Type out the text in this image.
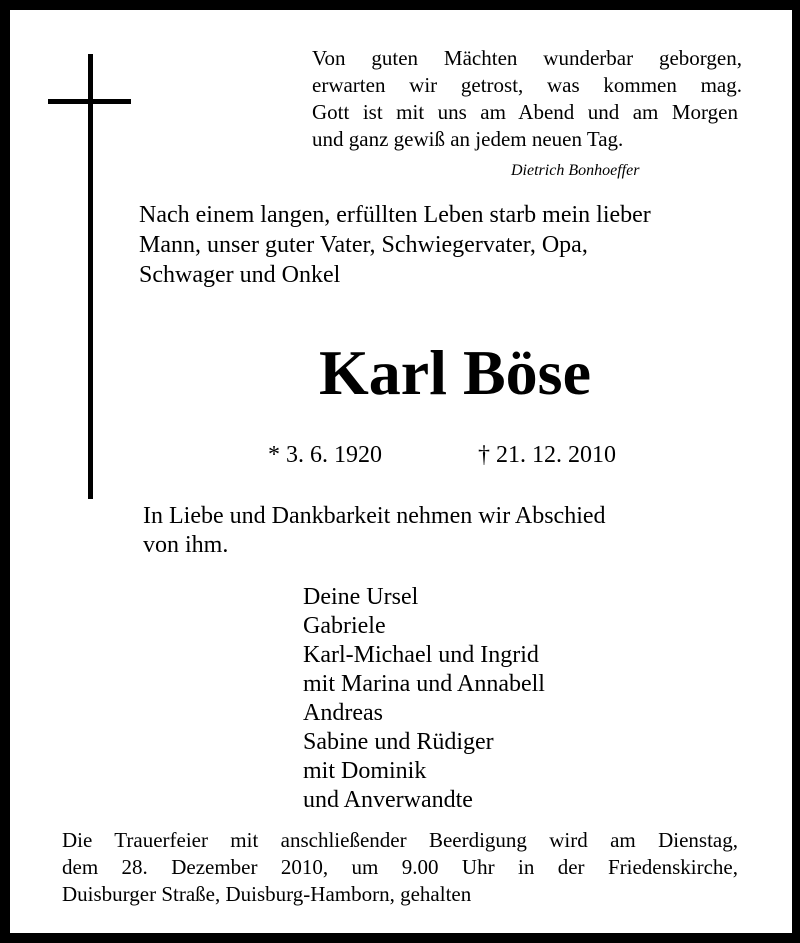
Von guten Mächten wunderbar geborgen,
erwarten wir getrost, was kommen mag.
Gott ist mit uns am Abend und am Morgen
und ganz gewiß an jedem neuen Tag.
Dietrich Bonhoeffer
Nach einem langen, erfüllten Leben starb mein lieber
Mann, unser guter Vater, Schwiegervater, Opa,
Schwager und Onkel
Karl Böse
* 3. 6. 1920	† 21. 12. 2010
In Liebe und Dankbarkeit nehmen wir Abschied
von ihm.
Deine Ursel
Gabriele
Karl-Michael und Ingrid
mit Marina und Annabell
Andreas
Sabine und Rüdiger
mit Dominik
und Anverwandte
Die Trauerfeier mit anschließender Beerdigung wird am Dienstag,
dem 28. Dezember 2010, um 9.00 Uhr in der Friedenskirche,
Duisburger Straße, Duisburg-Hamborn, gehalten
